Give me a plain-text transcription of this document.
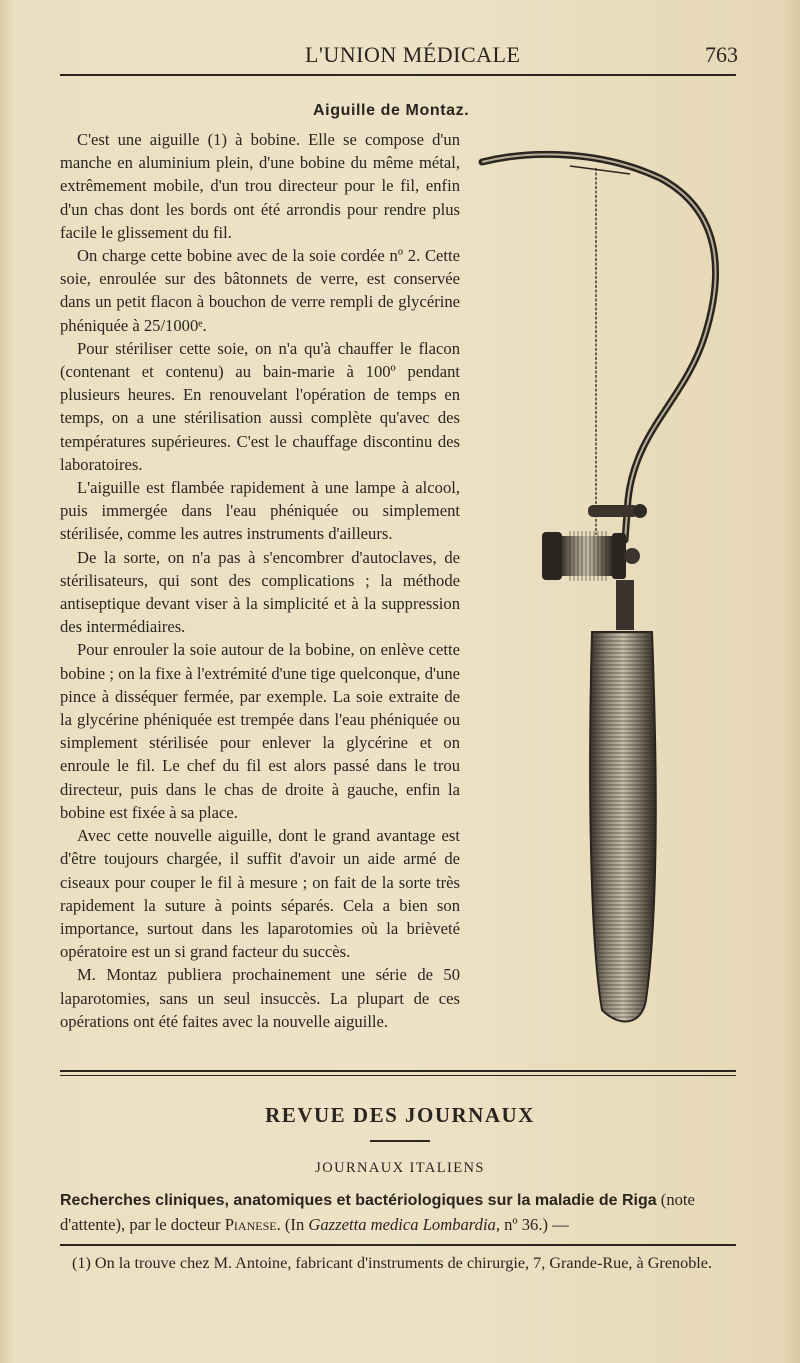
L'UNION MÉDICALE	763
Aiguille de Montaz.

C'est une aiguille (1) à bobine. Elle se compose d'un manche en aluminium plein, d'une bobine du même métal, extrêmement mobile, d'un trou directeur pour le fil, enfin d'un chas dont les bords ont été arrondis pour rendre plus facile le glissement du fil.

On charge cette bobine avec de la soie cordée nº 2. Cette soie, enroulée sur des bâtonnets de verre, est conservée dans un petit flacon à bouchon de verre rempli de glycérine phéniquée à 25/1000ᵉ.

Pour stériliser cette soie, on n'a qu'à chauffer le flacon (contenant et contenu) au bain-marie à 100º pendant plusieurs heures. En renouvelant l'opération de temps en temps, on a une stérilisation aussi complète qu'avec des températures supérieures. C'est le chauffage discontinu des laboratoires.

L'aiguille est flambée rapidement à une lampe à alcool, puis immergée dans l'eau phéniquée ou simplement stérilisée, comme les autres instruments d'ailleurs.

De la sorte, on n'a pas à s'encombrer d'autoclaves, de stérilisateurs, qui sont des complications ; la méthode antiseptique devant viser à la simplicité et à la suppression des intermédiaires.

Pour enrouler la soie autour de la bobine, on enlève cette bobine ; on la fixe à l'extrémité d'une tige quelconque, d'une pince à disséquer fermée, par exemple. La soie extraite de la glycérine phéniquée est trempée dans l'eau phéniquée ou simplement stérilisée pour enlever la glycérine et on enroule le fil. Le chef du fil est alors passé dans le trou directeur, puis dans le chas de droite à gauche, enfin la bobine est fixée à sa place.

Avec cette nouvelle aiguille, dont le grand avantage est d'être toujours chargée, il suffit d'avoir un aide armé de ciseaux pour couper le fil à mesure ; on fait de la sorte très rapidement la suture à points séparés. Cela a bien son importance, surtout dans les laparotomies où la brièveté opératoire est un si grand facteur du succès.

M. Montaz publiera prochainement une série de 50 laparotomies, sans un seul insuccès. La plupart de ces opérations ont été faites avec la nouvelle aiguille.

REVUE DES JOURNAUX
JOURNAUX ITALIENS
Recherches cliniques, anatomiques et bactériologiques sur la maladie de Riga (note d'attente), par le docteur Pianese. (In Gazzetta medica Lombardia, nº 36.) —

(1) On la trouve chez M. Antoine, fabricant d'instruments de chirurgie, 7, Grande-Rue, à Grenoble.
